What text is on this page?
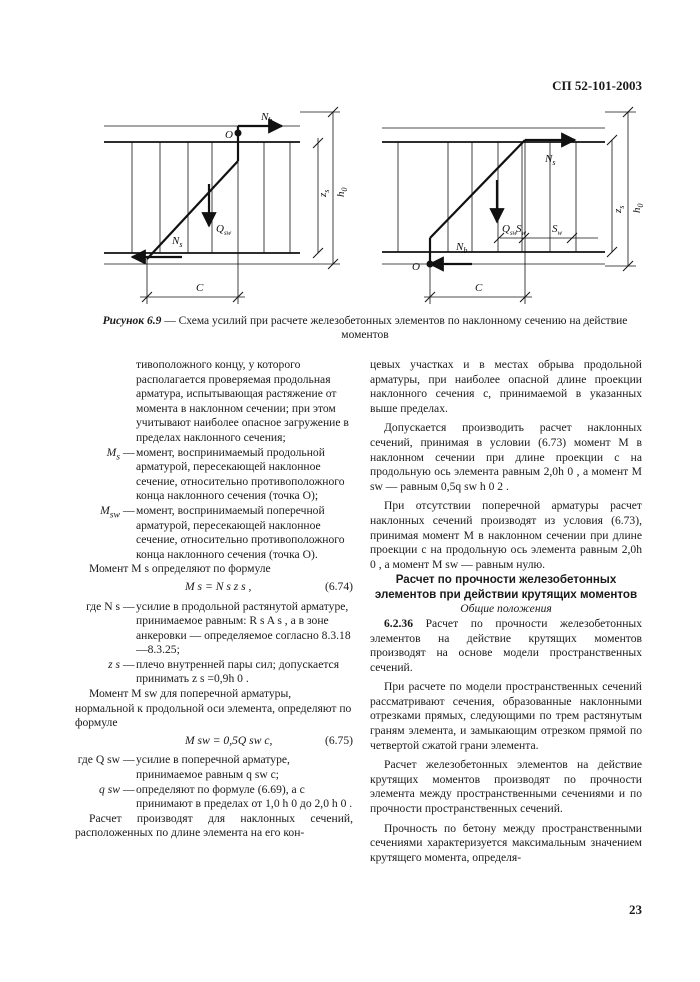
СП 52-101-2003
$N_b$
O
$Q_{sw}$
$N_s$
C
$z_s$
$h_0$
$N_s$
$Q_{sw}$
$S_w$ $S_w$
$N_b$
O
C
$z_s$
$h_0$
Рисунок 6.9 — Схема усилий при расчете железобетонных элементов по наклонному сечению на действие моментов

тивоположного концу, у которого располагается проверяемая продольная арматура, испытывающая растяжение от момента в наклонном сечении; при этом учитывают наиболее опасное загружение в пределах наклонного сечения;

$M_s$ — момент, воспринимаемый продольной арматурой, пересекающей наклонное сечение, относительно противоположного конца наклонного сечения (точка O);
$M_{sw}$ — момент, воспринимаемый поперечной арматурой, пересекающей наклонное сечение, относительно противоположного конца наклонного сечения (точка O).

Момент M s определяют по формуле

M s = N s z s ,	(6.74)
где N s — усилие в продольной растянутой арматуре, принимаемое равным: R s A s , а в зоне анкеровки — определяемое согласно 8.3.18—8.3.25;
z s — плечо внутренней пары сил; допускается принимать z s =0,9h 0 .

Момент M sw для поперечной арматуры, нормальной к продольной оси элемента, определяют по формуле

M sw = 0,5Q sw c,	(6.75)
где Q sw — усилие в поперечной арматуре, принимаемое равным q sw c;
q sw — определяют по формуле (6.69), а c принимают в пределах от 1,0 h 0 до 2,0 h 0 .

Расчет производят для наклонных сечений, расположенных по длине элемента на его кон-

цевых участках и в местах обрыва продольной арматуры, при наиболее опасной длине проекции наклонного сечения c, принимаемой в указанных выше пределах.

Допускается производить расчет наклонных сечений, принимая в условии (6.73) момент M в наклонном сечении при длине проекции c на продольную ось элемента равным 2,0h 0 , а момент M sw — равным 0,5q sw h 0 2 .

При отсутствии поперечной арматуры расчет наклонных сечений производят из условия (6.73), принимая момент M в наклонном сечении при длине проекции c на продольную ось элемента равным 2,0h 0 , а момент M sw — равным нулю.

Расчет по прочности железобетонных элементов при действии крутящих моментов

Общие положения

6.2.36 Расчет по прочности железобетонных элементов на действие крутящих моментов производят на основе модели пространственных сечений.

При расчете по модели пространственных сечений рассматривают сечения, образованные наклонными отрезками прямых, следующими по трем растянутым граням элемента, и замыкающим отрезком прямой по четвертой сжатой грани элемента.

Расчет железобетонных элементов на действие крутящих моментов производят по прочности элемента между пространственными сечениями и по прочности пространственных сечений.

Прочность по бетону между пространственными сечениями характеризуется максимальным значением крутящего момента, определя-

23
